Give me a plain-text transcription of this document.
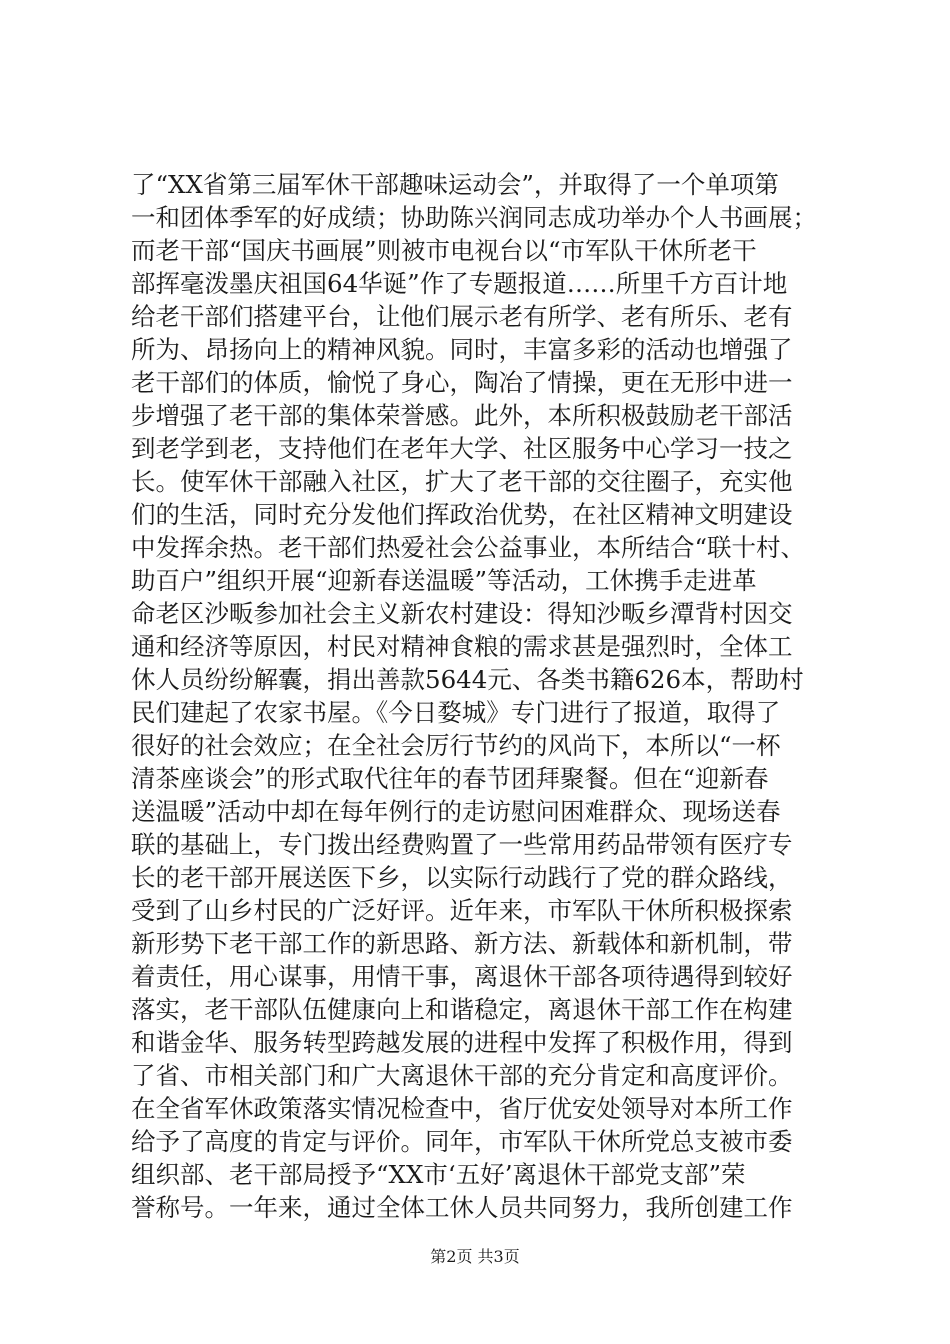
了“XX省第三届军休干部趣味运动会”，并取得了一个单项第
一和团体季军的好成绩；协助陈兴润同志成功举办个人书画展；
而老干部“国庆书画展”则被市电视台以“市军队干休所老干
部挥毫泼墨庆祖国64华诞”作了专题报道……所里千方百计地
给老干部们搭建平台，让他们展示老有所学、老有所乐、老有
所为、昂扬向上的精神风貌。同时，丰富多彩的活动也增强了
老干部们的体质，愉悦了身心，陶冶了情操，更在无形中进一
步增强了老干部的集体荣誉感。此外，本所积极鼓励老干部活
到老学到老，支持他们在老年大学、社区服务中心学习一技之
长。使军休干部融入社区，扩大了老干部的交往圈子，充实他
们的生活，同时充分发他们挥政治优势，在社区精神文明建设
中发挥余热。老干部们热爱社会公益事业，本所结合“联十村、
助百户”组织开展“迎新春送温暖”等活动，工休携手走进革
命老区沙畈参加社会主义新农村建设：得知沙畈乡潭背村因交
通和经济等原因，村民对精神食粮的需求甚是强烈时，全体工
休人员纷纷解囊，捐出善款5644元、各类书籍626本，帮助村
民们建起了农家书屋。《今日婺城》专门进行了报道，取得了
很好的社会效应；在全社会厉行节约的风尚下，本所以“一杯
清茶座谈会”的形式取代往年的春节团拜聚餐。但在“迎新春
送温暖”活动中却在每年例行的走访慰问困难群众、现场送春
联的基础上，专门拨出经费购置了一些常用药品带领有医疗专
长的老干部开展送医下乡，以实际行动践行了党的群众路线，
受到了山乡村民的广泛好评。近年来，市军队干休所积极探索
新形势下老干部工作的新思路、新方法、新载体和新机制，带
着责任，用心谋事，用情干事，离退休干部各项待遇得到较好
落实，老干部队伍健康向上和谐稳定，离退休干部工作在构建
和谐金华、服务转型跨越发展的进程中发挥了积极作用，得到
了省、市相关部门和广大离退休干部的充分肯定和高度评价。
在全省军休政策落实情况检查中，省厅优安处领导对本所工作
给予了高度的肯定与评价。同年，市军队干休所党总支被市委
组织部、老干部局授予“XX市‘五好’离退休干部党支部”荣
誉称号。一年来，通过全体工休人员共同努力，我所创建工作
第2页 共3页
